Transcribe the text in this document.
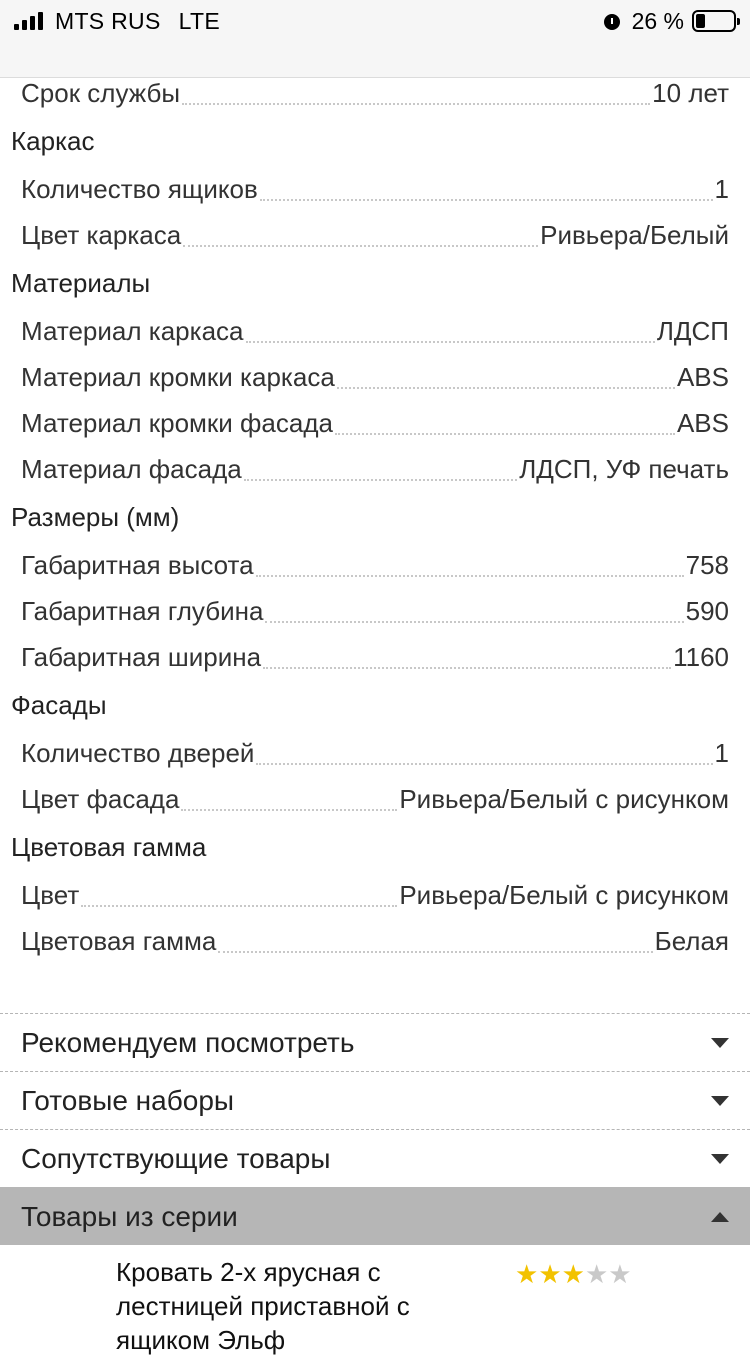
MTS RUS LTE	26 %
Срок службы	10 лет
Каркас
Количество ящиков	1
Цвет каркаса	Ривьера/Белый
Материалы
Материал каркаса	ЛДСП
Материал кромки каркаса	ABS
Материал кромки фасада	ABS
Материал фасада	ЛДСП, УФ печать
Размеры (мм)
Габаритная высота	758
Габаритная глубина	590
Габаритная ширина	1160
Фасады
Количество дверей	1
Цвет фасада	Ривьера/Белый с рисунком
Цветовая гамма
Цвет	Ривьера/Белый с рисунком
Цветовая гамма	Белая
Рекомендуем посмотреть
Готовые наборы
Сопутствующие товары
Товары из серии
Кровать 2-х ярусная с лестницей приставной с ящиком Эльф
★ ★ ★ ★ ★
